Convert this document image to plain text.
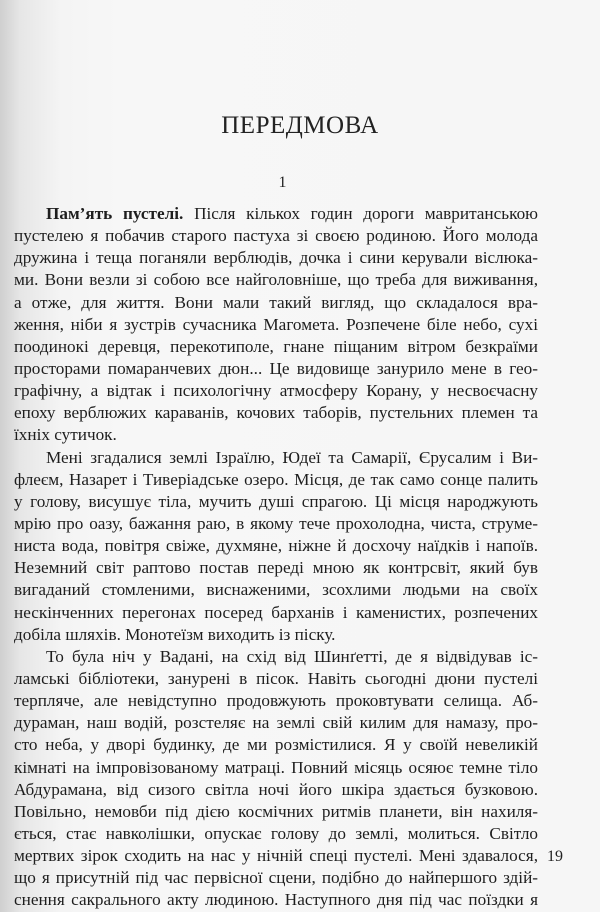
ПЕРЕДМОВА
1
Пам’ять пустелі. Після кількох годин дороги мавританською
пустелею я побачив старого пастуха зі своєю родиною. Його молода
дружина і теща поганяли верблюдів, дочка і сини керували віслюка-
ми. Вони везли зі собою все найголовніше, що треба для виживання,
а отже, для життя. Вони мали такий вигляд, що складалося вра-
ження, ніби я зустрів сучасника Магомета. Розпечене біле небо, сухі
поодинокі деревця, перекотиполе, гнане піщаним вітром безкраїми
просторами помаранчевих дюн... Це видовище занурило мене в гео-
графічну, а відтак і психологічну атмосферу Корану, у несвоєчасну
епоху верблюжих караванів, кочових таборів, пустельних племен та
їхніх сутичок.
Мені згадалися землі Ізраїлю, Юдеї та Самарії, Єрусалим і Ви-
флеєм, Назарет і Тиверіадське озеро. Місця, де так само сонце палить
у голову, висушує тіла, мучить душі спрагою. Ці місця народжують
мрію про оазу, бажання раю, в якому тече прохолодна, чиста, струме-
ниста вода, повітря свіже, духмяне, ніжне й досхочу наїдків і напоїв.
Неземний світ раптово постав переді мною як контрсвіт, який був
вигаданий стомленими, виснаженими, зсохлими людьми на своїх
нескінченних перегонах посеред барханів і каменистих, розпечених
добіла шляхів. Монотеїзм виходить із піску.
То була ніч у Вадані, на схід від Шинґетті, де я відвідував іс-
ламські бібліотеки, занурені в пісок. Навіть сьогодні дюни пустелі
терпляче, але невідступно продовжують проковтувати селища. Аб-
дураман, наш водій, розстеляє на землі свій килим для намазу, про-
сто неба, у дворі будинку, де ми розмістилися. Я у своїй невеликій
кімнаті на імпровізованому матраці. Повний місяць осяює темне тіло
Абдурамана, від сизого світла ночі його шкіра здається бузковою.
Повільно, немовби під дією космічних ритмів планети, він нахиля-
ється, стає навколішки, опускає голову до землі, молиться. Світло
мертвих зірок сходить на нас у нічній спеці пустелі. Мені здавалося,
що я присутній під час первісної сцени, подібно до найпершого здій-
снення сакрального акту людиною. Наступного дня під час поїздки я
19
